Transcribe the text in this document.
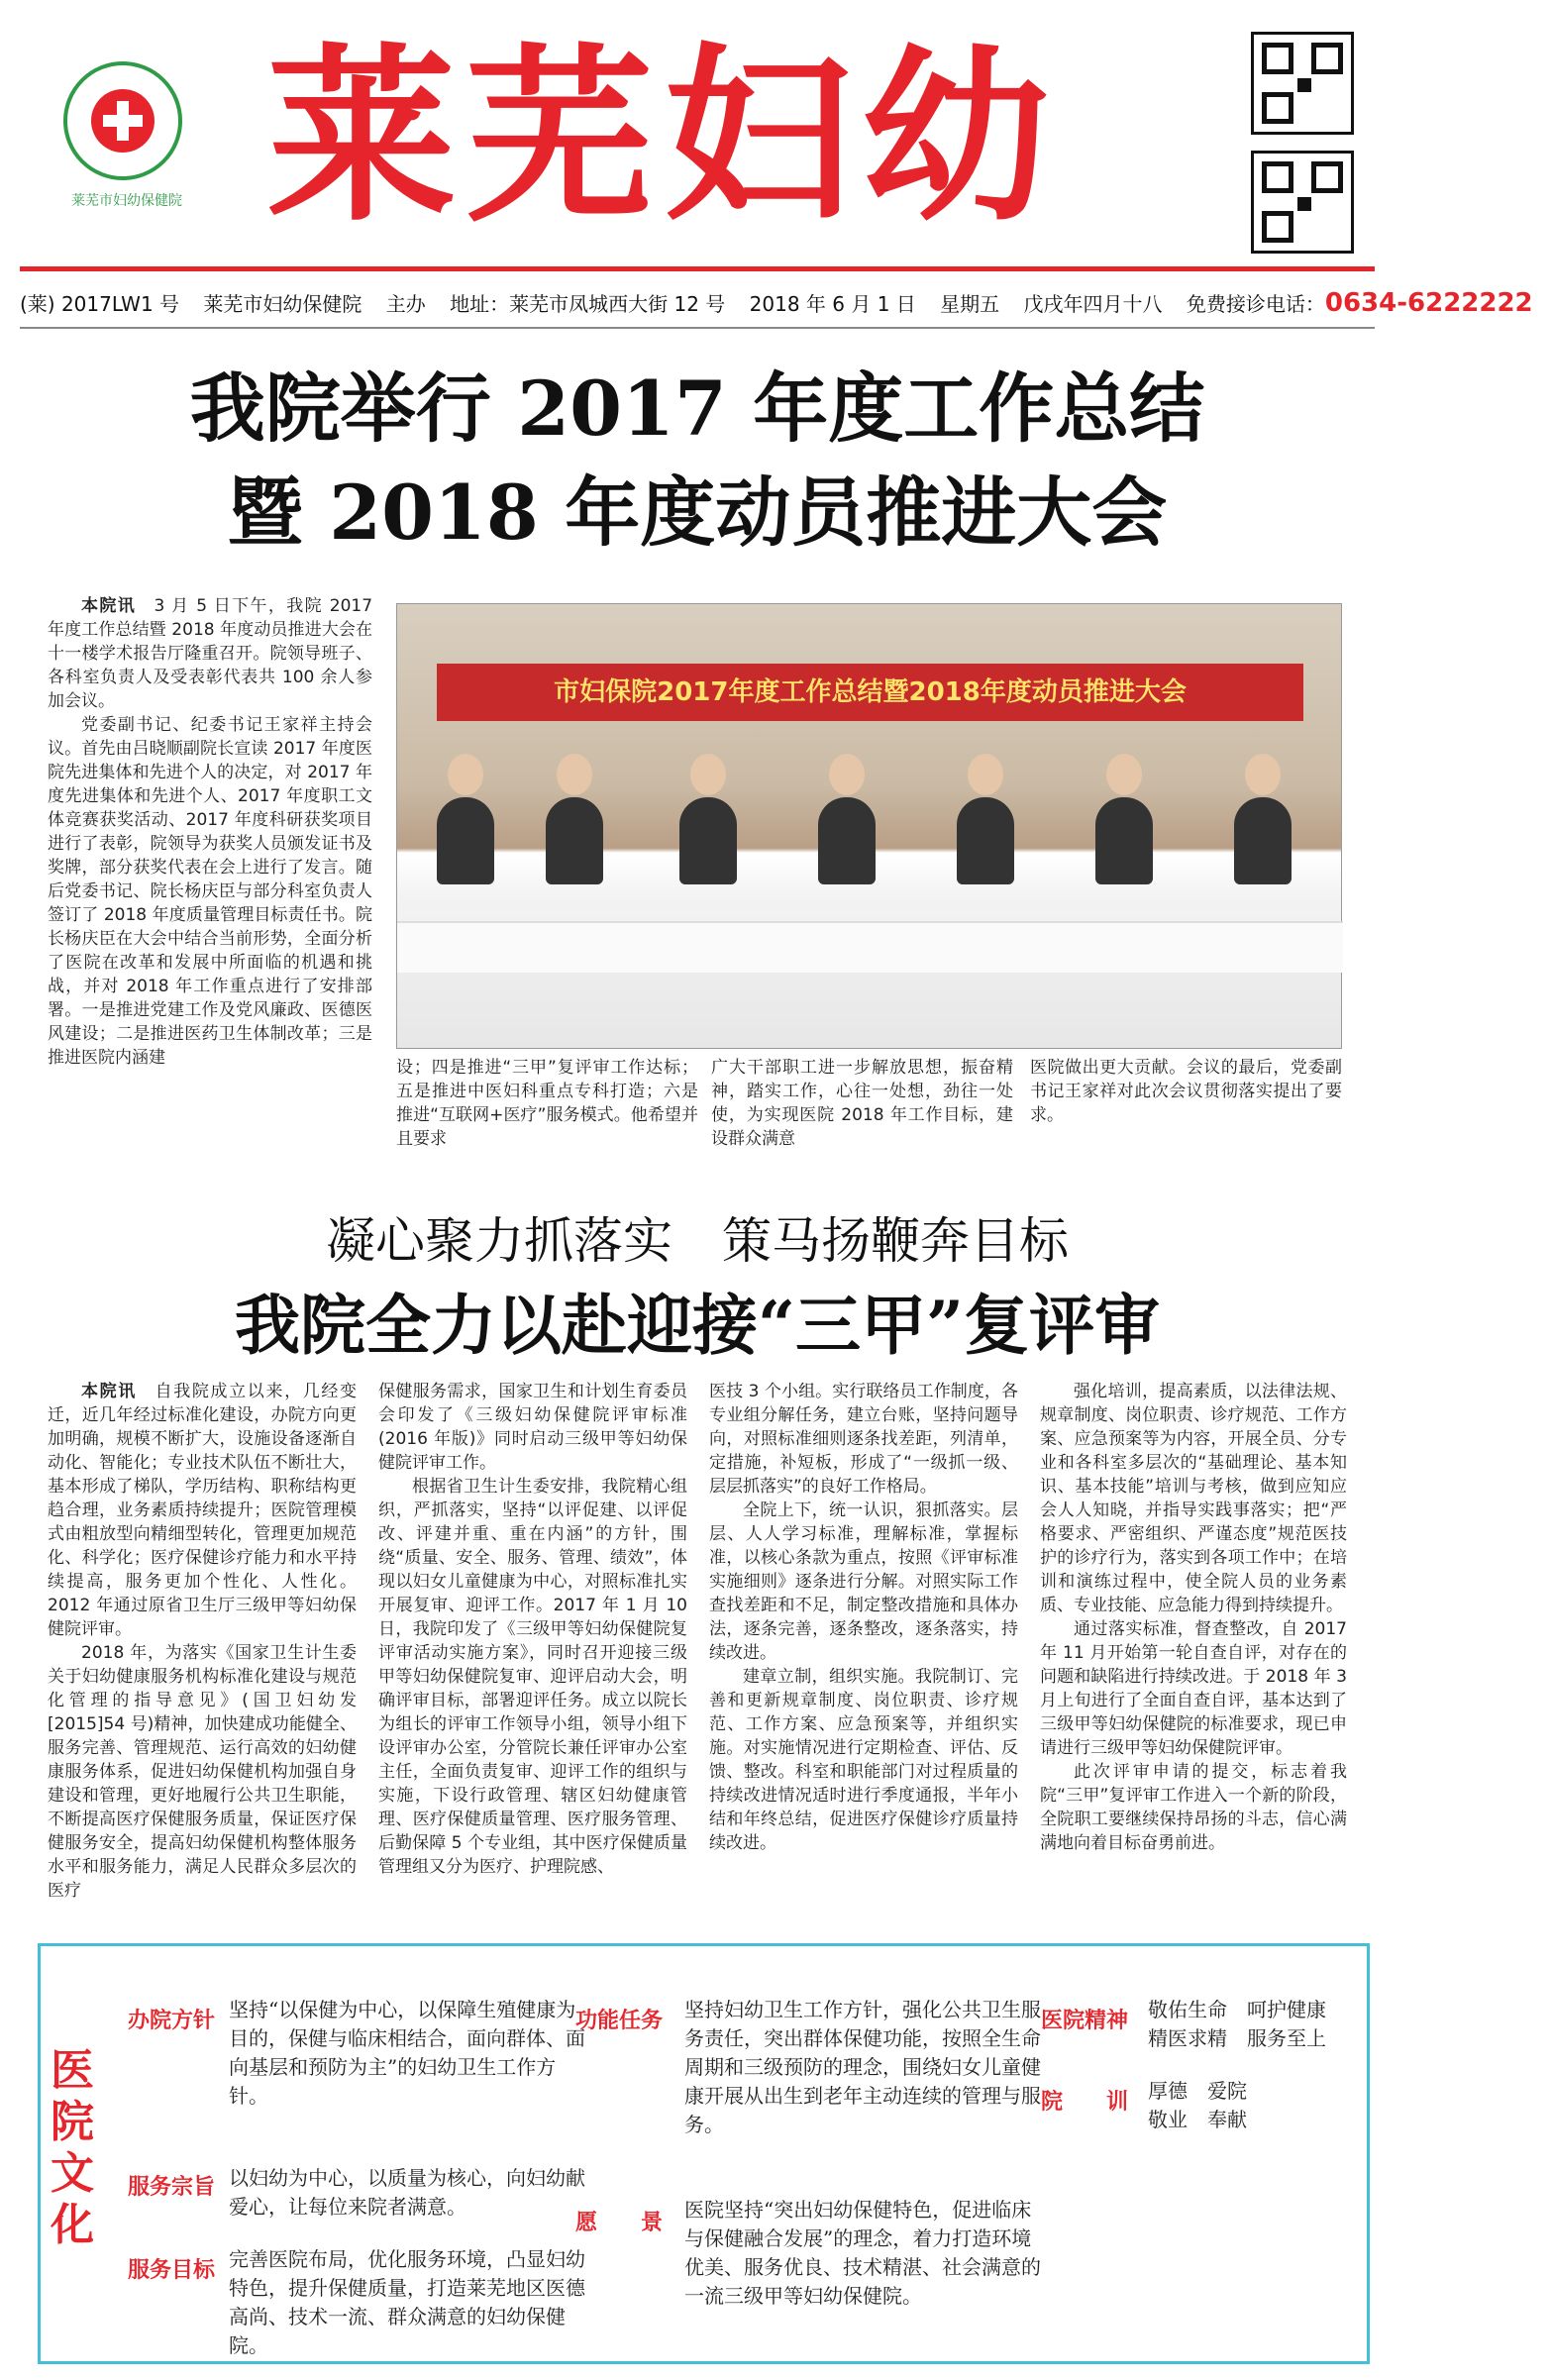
莱芜市妇幼保健院 莱芜妇幼
(莱) 2017LW1 号 莱芜市妇幼保健院 主办 地址：莱芜市凤城西大街 12 号 2018 年 6 月 1 日 星期五 戊戌年四月十八 免费接诊电话：0634-6222222
我院举行 2017 年度工作总结
暨 2018 年度动员推进大会

本院讯　 3 月 5 日下午，我院 2017 年度工作总结暨 2018 年度动员推进大会在十一楼学术报告厅隆重召开。院领导班子、各科室负责人及受表彰代表共 100 余人参加会议。

党委副书记、纪委书记王家祥主持会议。首先由吕晓顺副院长宣读 2017 年度医院先进集体和先进个人的决定，对 2017 年度先进集体和先进个人、2017 年度职工文体竞赛获奖活动、2017 年度科研获奖项目进行了表彰，院领导为获奖人员颁发证书及奖牌，部分获奖代表在会上进行了发言。随后党委书记、院长杨庆臣与部分科室负责人签订了 2018 年度质量管理目标责任书。院长杨庆臣在大会中结合当前形势，全面分析了医院在改革和发展中所面临的机遇和挑战，并对 2018 年工作重点进行了安排部署。一是推进党建工作及党风廉政、医德医风建设；二是推进医药卫生体制改革；三是推进医院内涵建

市妇保院2017年度工作总结暨2018年度动员推进大会

设；四是推进“三甲”复评审工作达标；五是推进中医妇科重点专科打造；六是推进“互联网+医疗”服务模式。他希望并且要求

广大干部职工进一步解放思想，振奋精神，踏实工作，心往一处想，劲往一处使，为实现医院 2018 年工作目标，建设群众满意

医院做出更大贡献。会议的最后，党委副书记王家祥对此次会议贯彻落实提出了要求。

凝心聚力抓落实　策马扬鞭奔目标
我院全力以赴迎接“三甲”复评审

本院讯　 自我院成立以来，几经变迁，近几年经过标准化建设，办院方向更加明确，规模不断扩大，设施设备逐渐自动化、智能化；专业技术队伍不断壮大，基本形成了梯队，学历结构、职称结构更趋合理，业务素质持续提升；医院管理模式由粗放型向精细型转化，管理更加规范化、科学化；医疗保健诊疗能力和水平持续提高，服务更加个性化、人性化。2012 年通过原省卫生厅三级甲等妇幼保健院评审。

2018 年，为落实《国家卫生计生委关于妇幼健康服务机构标准化建设与规范化管理的指导意见》(国卫妇幼发[2015]54 号)精神，加快建成功能健全、服务完善、管理规范、运行高效的妇幼健康服务体系，促进妇幼保健机构加强自身建设和管理，更好地履行公共卫生职能，不断提高医疗保健服务质量，保证医疗保健服务安全，提高妇幼保健机构整体服务水平和服务能力，满足人民群众多层次的医疗

保健服务需求，国家卫生和计划生育委员会印发了《三级妇幼保健院评审标准(2016 年版)》同时启动三级甲等妇幼保健院评审工作。

根据省卫生计生委安排，我院精心组织，严抓落实，坚持“以评促建、以评促改、评建并重、重在内涵”的方针，围绕“质量、安全、服务、管理、绩效”，体现以妇女儿童健康为中心，对照标准扎实开展复审、迎评工作。2017 年 1 月 10 日，我院印发了《三级甲等妇幼保健院复评审活动实施方案》，同时召开迎接三级甲等妇幼保健院复审、迎评启动大会，明确评审目标，部署迎评任务。成立以院长为组长的评审工作领导小组，领导小组下设评审办公室，分管院长兼任评审办公室主任，全面负责复审、迎评工作的组织与实施，下设行政管理、辖区妇幼健康管理、医疗保健质量管理、医疗服务管理、后勤保障 5 个专业组，其中医疗保健质量管理组又分为医疗、护理院感、

医技 3 个小组。实行联络员工作制度，各专业组分解任务，建立台账，坚持问题导向，对照标准细则逐条找差距，列清单，定措施，补短板，形成了“一级抓一级、层层抓落实”的良好工作格局。

全院上下，统一认识，狠抓落实。层层、人人学习标准，理解标准，掌握标准，以核心条款为重点，按照《评审标准实施细则》逐条进行分解。对照实际工作查找差距和不足，制定整改措施和具体办法，逐条完善，逐条整改，逐条落实，持续改进。

建章立制，组织实施。我院制订、完善和更新规章制度、岗位职责、诊疗规范、工作方案、应急预案等，并组织实施。对实施情况进行定期检查、评估、反馈、整改。科室和职能部门对过程质量的持续改进情况适时进行季度通报，半年小结和年终总结，促进医疗保健诊疗质量持续改进。

强化培训，提高素质，以法律法规、规章制度、岗位职责、诊疗规范、工作方案、应急预案等为内容，开展全员、分专业和各科室多层次的“基础理论、基本知识、基本技能”培训与考核，做到应知应会人人知晓，并指导实践事落实；把“严格要求、严密组织、严谨态度”规范医技护的诊疗行为，落实到各项工作中；在培训和演练过程中，使全院人员的业务素质、专业技能、应急能力得到持续提升。

通过落实标准，督查整改，自 2017 年 11 月开始第一轮自查自评，对存在的问题和缺陷进行持续改进。于 2018 年 3 月上旬进行了全面自查自评，基本达到了三级甲等妇幼保健院的标准要求，现已申请进行三级甲等妇幼保健院评审。

此次评审申请的提交，标志着我院“三甲”复评审工作进入一个新的阶段，全院职工要继续保持昂扬的斗志，信心满满地向着目标奋勇前进。

医
院
文
化
办院方针 坚持“以保健为中心，以保障生殖健康为目的，保健与临床相结合，面向群体、面向基层和预防为主”的妇幼卫生工作方针。
服务宗旨 以妇幼为中心，以质量为核心，向妇幼献爱心，让每位来院者满意。
服务目标 完善医院布局，优化服务环境，凸显妇幼特色，提升保健质量，打造莱芜地区医德高尚、技术一流、群众满意的妇幼保健院。
功能任务 坚持妇幼卫生工作方针，强化公共卫生服务责任，突出群体保健功能，按照全生命周期和三级预防的理念，围绕妇女儿童健康开展从出生到老年主动连续的管理与服务。
愿　　景
医院坚持“突出妇幼保健特色，促进临床与保健融合发展”的理念，着力打造环境优美、服务优良、技术精湛、社会满意的一流三级甲等妇幼保健院。
医院精神 敬佑生命　呵护健康
精医求精　服务至上
院　　训 厚德　爱院
敬业　奉献
